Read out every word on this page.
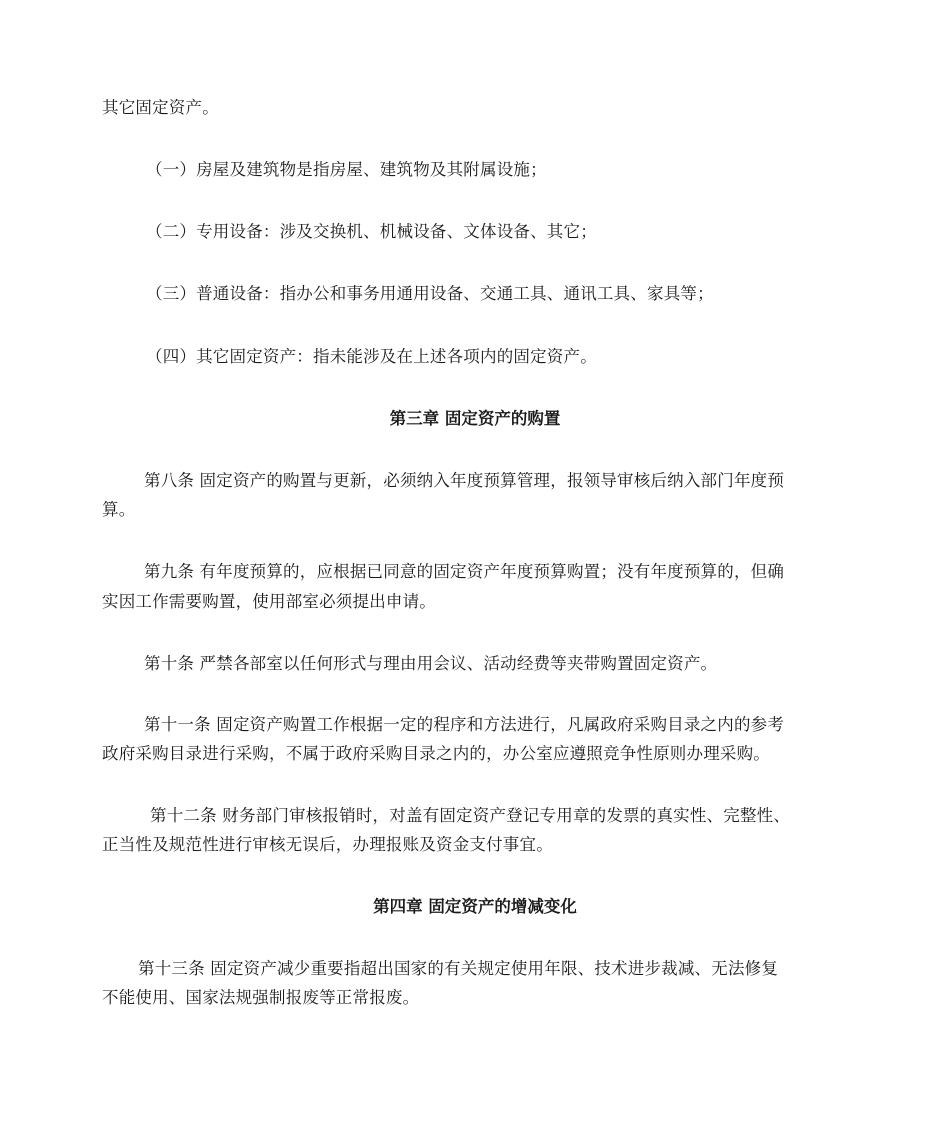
其它固定资产。
（一）房屋及建筑物是指房屋、建筑物及其附属设施；
（二）专用设备：涉及交换机、机械设备、文体设备、其它；
（三）普通设备：指办公和事务用通用设备、交通工具、通讯工具、家具等；
（四）其它固定资产：指未能涉及在上述各项内的固定资产。
第三章 固定资产的购置
第八条 固定资产的购置与更新，必须纳入年度预算管理，报领导审核后纳入部门年度预
算。
第九条 有年度预算的，应根据已同意的固定资产年度预算购置；没有年度预算的，但确
实因工作需要购置，使用部室必须提出申请。
第十条 严禁各部室以任何形式与理由用会议、活动经费等夹带购置固定资产。
第十一条 固定资产购置工作根据一定的程序和方法进行，凡属政府采购目录之内的参考
政府采购目录进行采购，不属于政府采购目录之内的，办公室应遵照竞争性原则办理采购。
第十二条 财务部门审核报销时，对盖有固定资产登记专用章的发票的真实性、完整性、
正当性及规范性进行审核无误后，办理报账及资金支付事宜。
第四章 固定资产的增减变化
第十三条 固定资产减少重要指超出国家的有关规定使用年限、技术进步裁减、无法修复
不能使用、国家法规强制报废等正常报废。
